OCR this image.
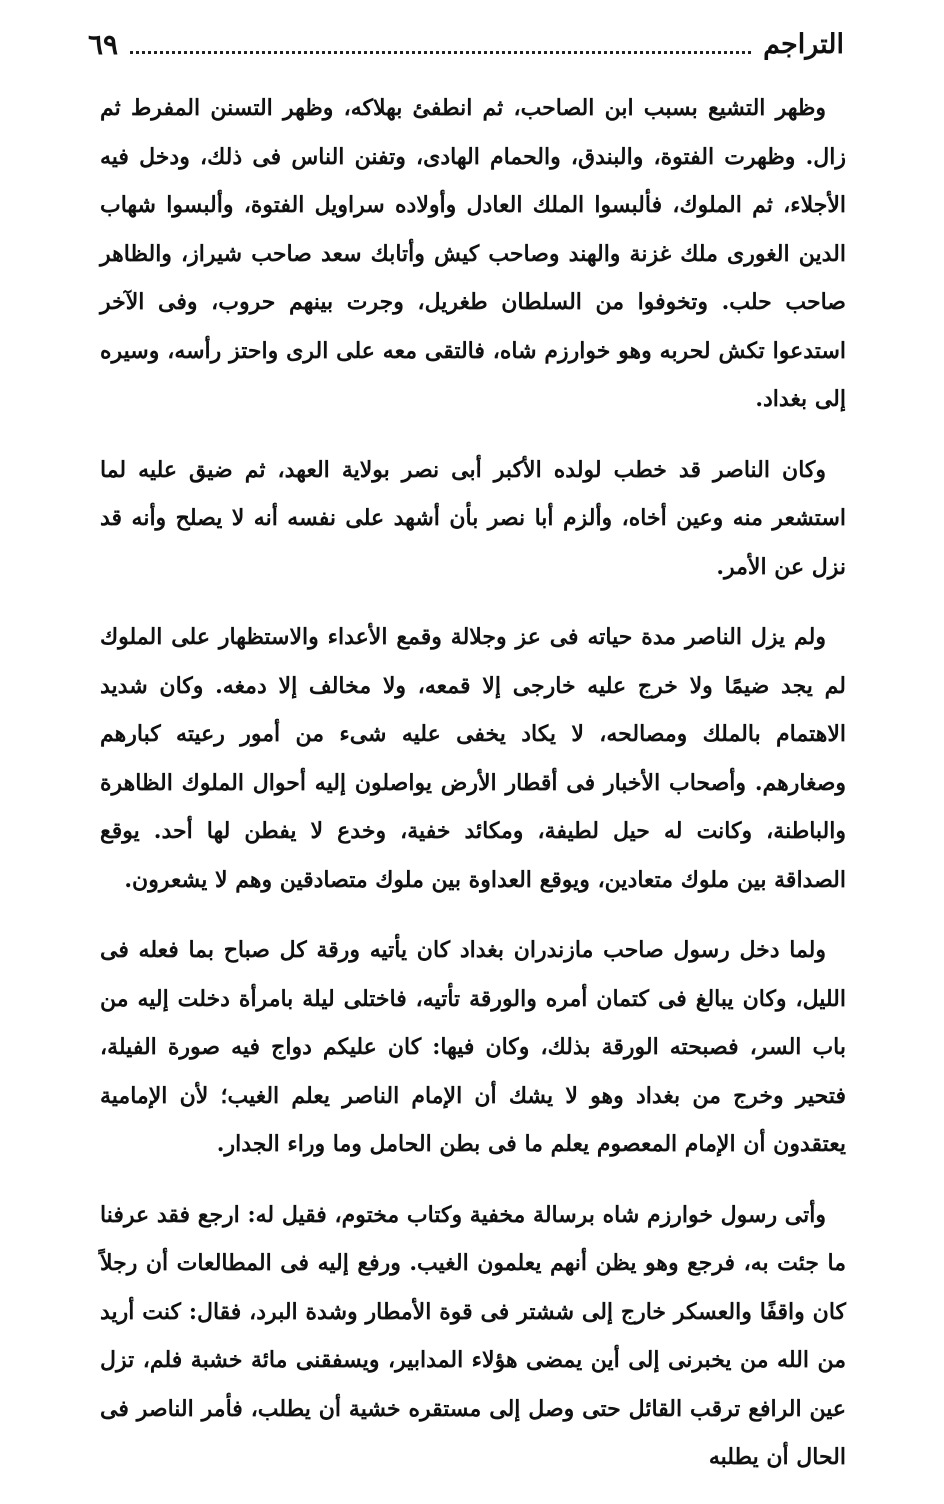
التراجم
٦٩

وظهر التشيع بسبب ابن الصاحب، ثم انطفئ بهلاكه، وظهر التسنن المفرط ثم زال. وظهرت الفتوة، والبندق، والحمام الهادى، وتفنن الناس فى ذلك، ودخل فيه الأجلاء، ثم الملوك، فألبسوا الملك العادل وأولاده سراويل الفتوة، وألبسوا شهاب الدين الغورى ملك غزنة والهند وصاحب كيش وأتابك سعد صاحب شيراز، والظاهر صاحب حلب. وتخوفوا من السلطان طغريل، وجرت بينهم حروب، وفى الآخر استدعوا تكش لحربه وهو خوارزم شاه، فالتقى معه على الرى واحتز رأسه، وسيره إلى بغداد.

وكان الناصر قد خطب لولده الأكبر أبى نصر بولاية العهد، ثم ضيق عليه لما استشعر منه وعين أخاه، وألزم أبا نصر بأن أشهد على نفسه أنه لا يصلح وأنه قد نزل عن الأمر.

ولم يزل الناصر مدة حياته فى عز وجلالة وقمع الأعداء والاستظهار على الملوك لم يجد ضيمًا ولا خرج عليه خارجى إلا قمعه، ولا مخالف إلا دمغه. وكان شديد الاهتمام بالملك ومصالحه، لا يكاد يخفى عليه شىء من أمور رعيته كبارهم وصغارهم. وأصحاب الأخبار فى أقطار الأرض يواصلون إليه أحوال الملوك الظاهرة والباطنة، وكانت له حيل لطيفة، ومكائد خفية، وخدع لا يفطن لها أحد. يوقع الصداقة بين ملوك متعادين، ويوقع العداوة بين ملوك متصادقين وهم لا يشعرون.

ولما دخل رسول صاحب مازندران بغداد كان يأتيه ورقة كل صباح بما فعله فى الليل، وكان يبالغ فى كتمان أمره والورقة تأتيه، فاختلى ليلة بامرأة دخلت إليه من باب السر، فصبحته الورقة بذلك، وكان فيها: كان عليكم دواج فيه صورة الفيلة، فتحير وخرج من بغداد وهو لا يشك أن الإمام الناصر يعلم الغيب؛ لأن الإمامية يعتقدون أن الإمام المعصوم يعلم ما فى بطن الحامل وما وراء الجدار.

وأتى رسول خوارزم شاه برسالة مخفية وكتاب مختوم، فقيل له: ارجع فقد عرفنا ما جئت به، فرجع وهو يظن أنهم يعلمون الغيب. ورفع إليه فى المطالعات أن رجلاً كان واقفًا والعسكر خارج إلى ششتر فى قوة الأمطار وشدة البرد، فقال: كنت أريد من الله من يخبرنى إلى أين يمضى هؤلاء المدابير، ويسفقنى مائة خشبة فلم، تزل عين الرافع ترقب القائل حتى وصل إلى مستقره خشية أن يطلب، فأمر الناصر فى الحال أن يطلبه
